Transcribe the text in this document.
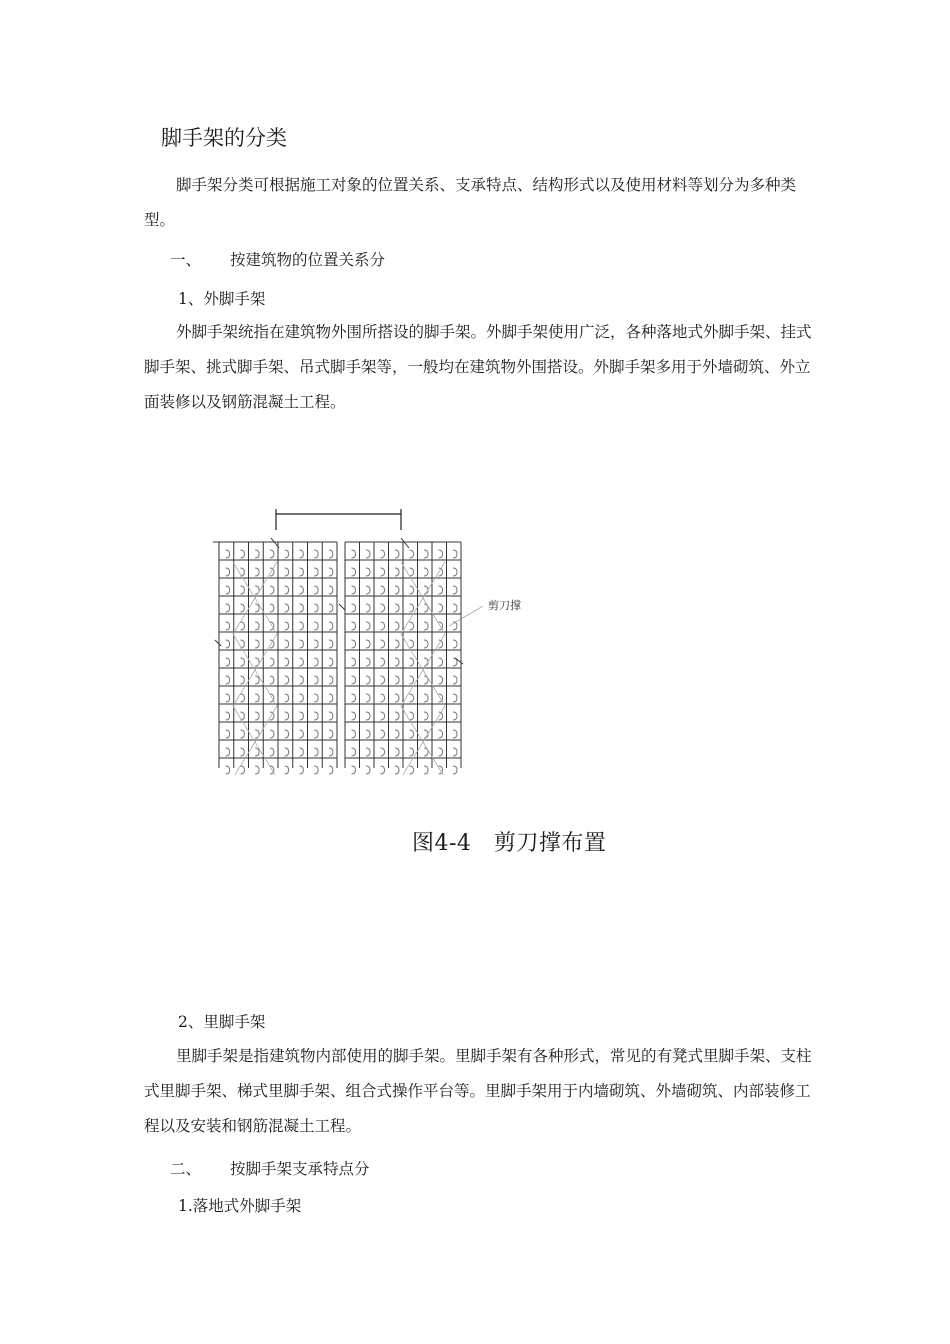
脚手架的分类
脚手架分类可根据施工对象的位置关系、支承特点、结构形式以及使用材料等划分为多种类型。
一、 按建筑物的位置关系分
1、外脚手架
外脚手架统指在建筑物外围所搭设的脚手架。外脚手架使用广泛，各种落地式外脚手架、挂式脚手架、挑式脚手架、吊式脚手架等，一般均在建筑物外围搭设。外脚手架多用于外墙砌筑、外立面装修以及钢筋混凝土工程。
剪刀撑
图4-4　剪刀撑布置
2、里脚手架
里脚手架是指建筑物内部使用的脚手架。里脚手架有各种形式，常见的有凳式里脚手架、支柱式里脚手架、梯式里脚手架、组合式操作平台等。里脚手架用于内墙砌筑、外墙砌筑、内部装修工程以及安装和钢筋混凝土工程。
二、 按脚手架支承特点分
1.落地式外脚手架
